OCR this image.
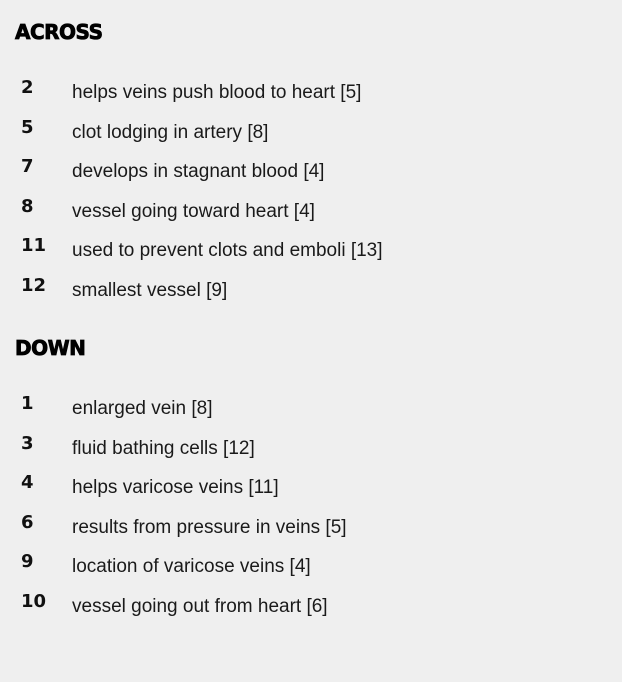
ACROSS
2 helps veins push blood to heart [5]
5 clot lodging in artery [8]
7 develops in stagnant blood [4]
8 vessel going toward heart [4]
11 used to prevent clots and emboli [13]
12 smallest vessel [9]
DOWN
1 enlarged vein [8]
3 fluid bathing cells [12]
4 helps varicose veins [11]
6 results from pressure in veins [5]
9 location of varicose veins [4]
10 vessel going out from heart [6]
